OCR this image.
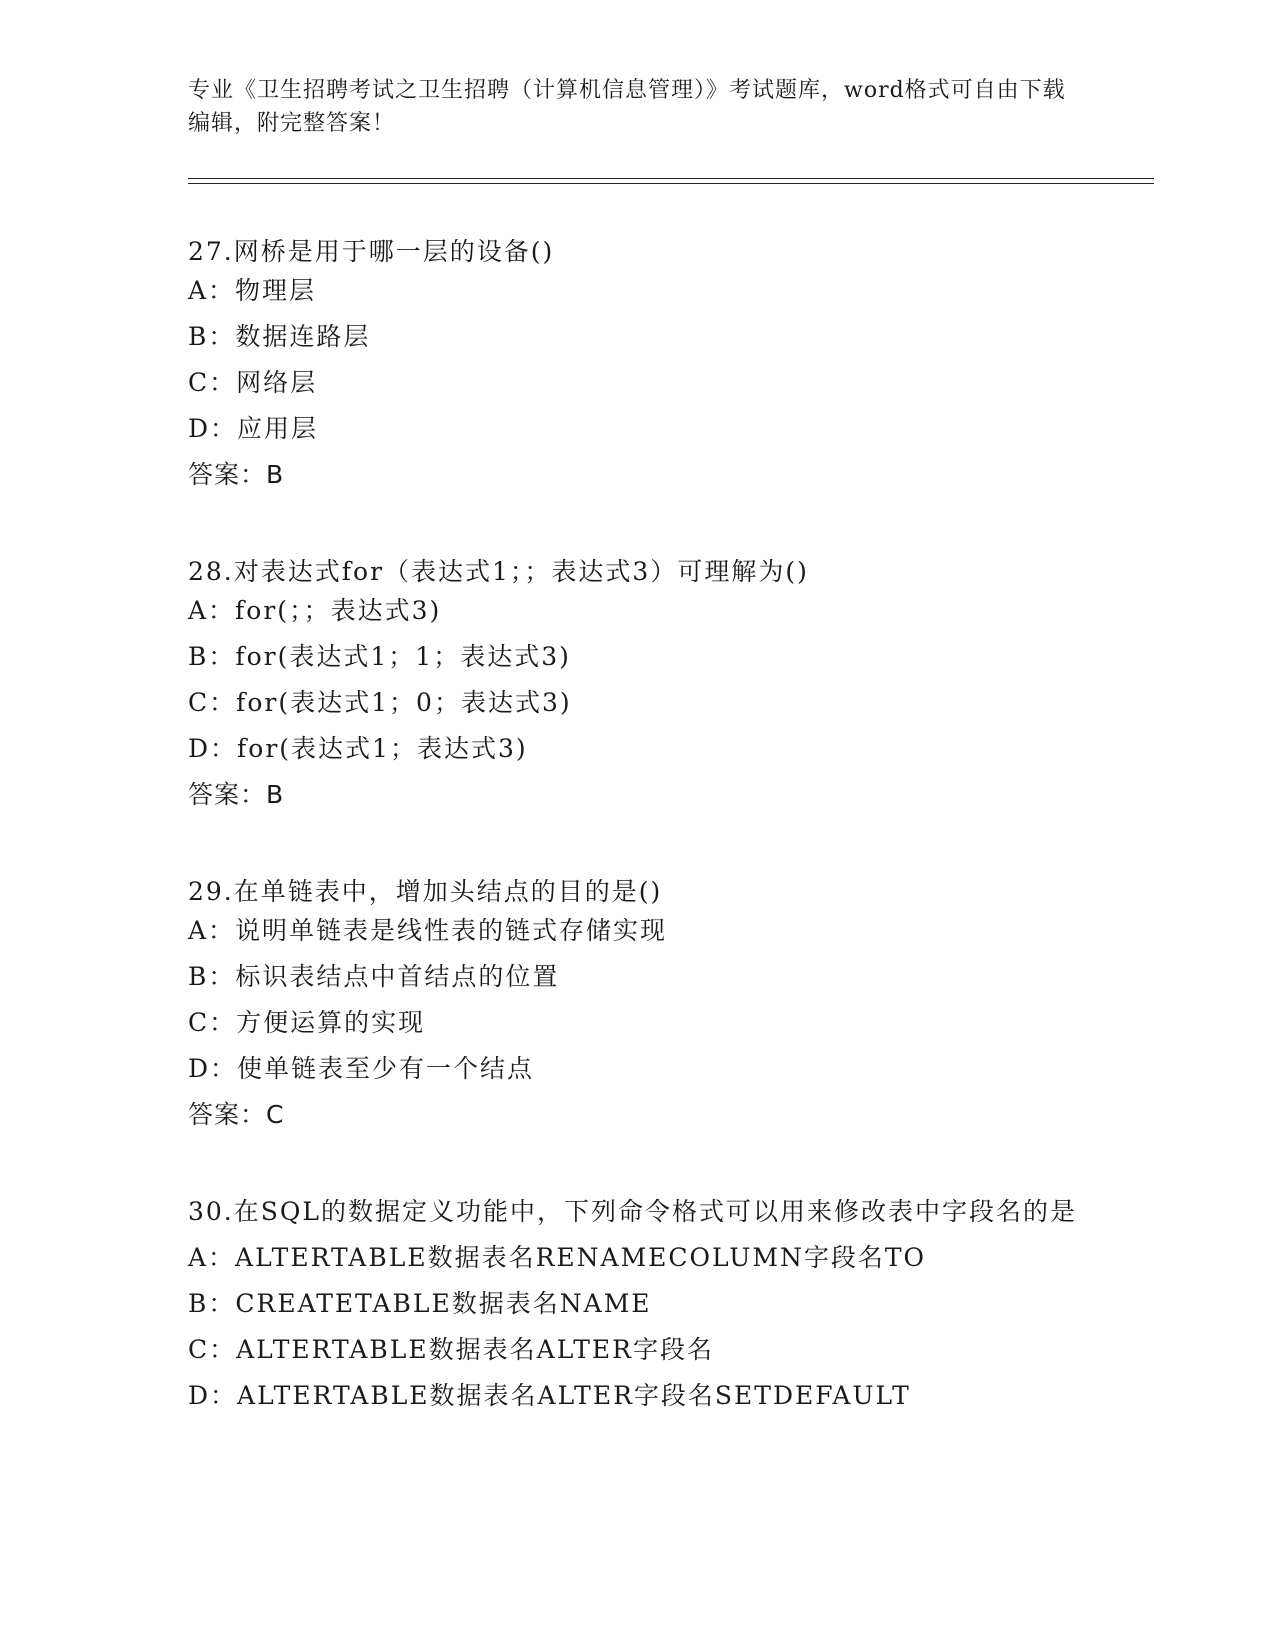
专业《卫生招聘考试之卫生招聘（计算机信息管理）》考试题库，word格式可自由下载编辑，附完整答案！

27.网桥是用于哪一层的设备()

A：物理层
B：数据连路层
C：网络层
D：应用层
答案：B

28.对表达式for（表达式1；；表达式3）可理解为()

A：for(；；表达式3)
B：for(表达式1；1；表达式3)
C：for(表达式1；0；表达式3)
D：for(表达式1；表达式3)
答案：B

29.在单链表中，增加头结点的目的是()

A：说明单链表是线性表的链式存储实现
B：标识表结点中首结点的位置
C：方便运算的实现
D：使单链表至少有一个结点
答案：C

30.在SQL的数据定义功能中，下列命令格式可以用来修改表中字段名的是

A：ALTERTABLE数据表名RENAMECOLUMN字段名TO
B：CREATETABLE数据表名NAME
C：ALTERTABLE数据表名ALTER字段名
D：ALTERTABLE数据表名ALTER字段名SETDEFAULT
